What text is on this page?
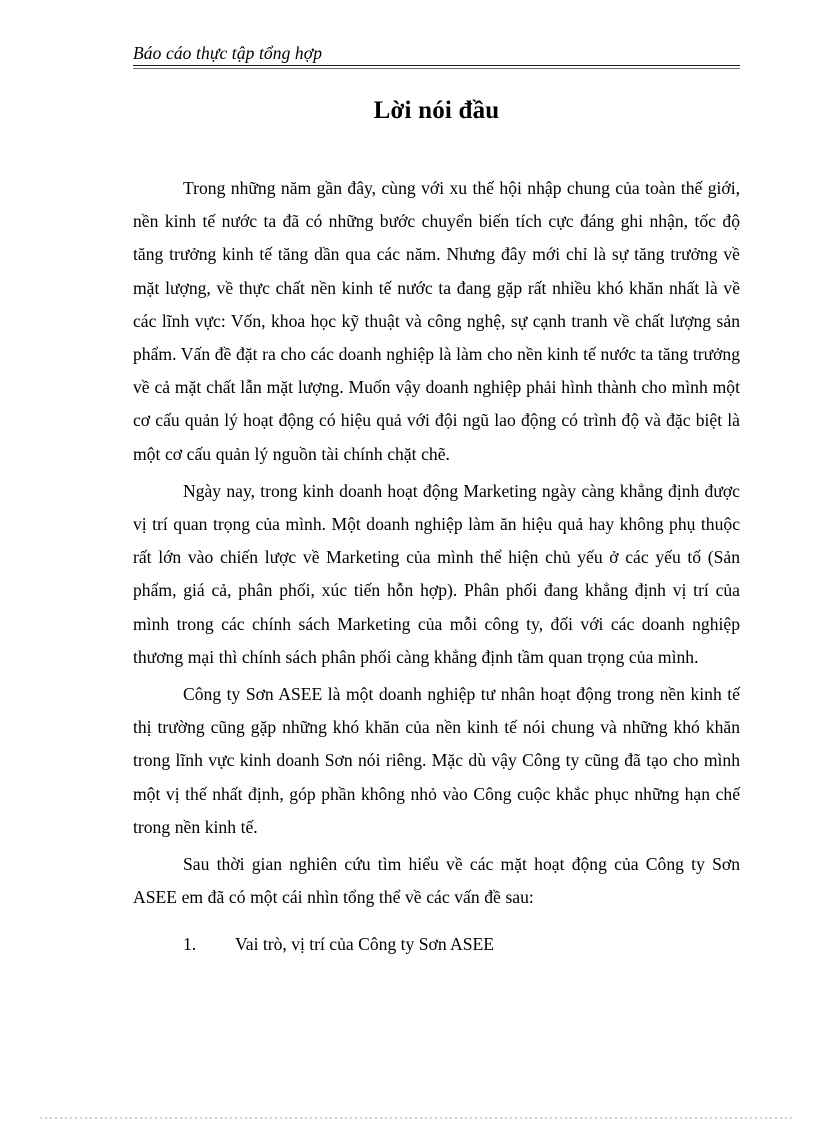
Báo cáo thực tập tổng hợp
Lời nói đầu

Trong những năm gần đây, cùng với xu thế hội nhập chung của toàn thế giới, nền kinh tế nước ta đã có những bước chuyển biến tích cực đáng ghi nhận, tốc độ tăng trưởng kinh tế tăng dần qua các năm. Nhưng đây mới chỉ là sự tăng trưởng về mặt lượng, về thực chất nền kinh tế nước ta đang gặp rất nhiều khó khăn nhất là về các lĩnh vực: Vốn, khoa học kỹ thuật và công nghệ, sự cạnh tranh về chất lượng sản phẩm. Vấn đề đặt ra cho các doanh nghiệp là làm cho nền kinh tế nước ta tăng trưởng về cả mặt chất lẫn mặt lượng. Muốn vậy doanh nghiệp phải hình thành cho mình một cơ cấu quản lý hoạt động có hiệu quả với đội ngũ lao động có trình độ và đặc biệt là một cơ cấu quản lý nguồn tài chính chặt chẽ.

Ngày nay, trong kinh doanh hoạt động Marketing ngày càng khẳng định được vị trí quan trọng của mình. Một doanh nghiệp làm ăn hiệu quả hay không phụ thuộc rất lớn vào chiến lược về Marketing của mình thể hiện chủ yếu ở các yếu tố (Sản phẩm, giá cả, phân phối, xúc tiến hỗn hợp). Phân phối đang khẳng định vị trí của mình trong các chính sách Marketing của mỗi công ty, đối với các doanh nghiệp thương mại thì chính sách phân phối càng khẳng định tầm quan trọng của mình.

Công ty Sơn ASEE là một doanh nghiệp tư nhân hoạt động trong nền kinh tế thị trường cũng gặp những khó khăn của nền kinh tế nói chung và những khó khăn trong lĩnh vực kinh doanh Sơn nói riêng. Mặc dù vậy Công ty cũng đã tạo cho mình một vị thế nhất định, góp phần không nhỏ vào Công cuộc khắc phục những hạn chế trong nền kinh tế.

Sau thời gian nghiên cứu tìm hiểu về các mặt hoạt động của Công ty Sơn ASEE em đã có một cái nhìn tổng thể về các vấn đề sau:

1.	Vai trò, vị trí của Công ty Sơn ASEE
